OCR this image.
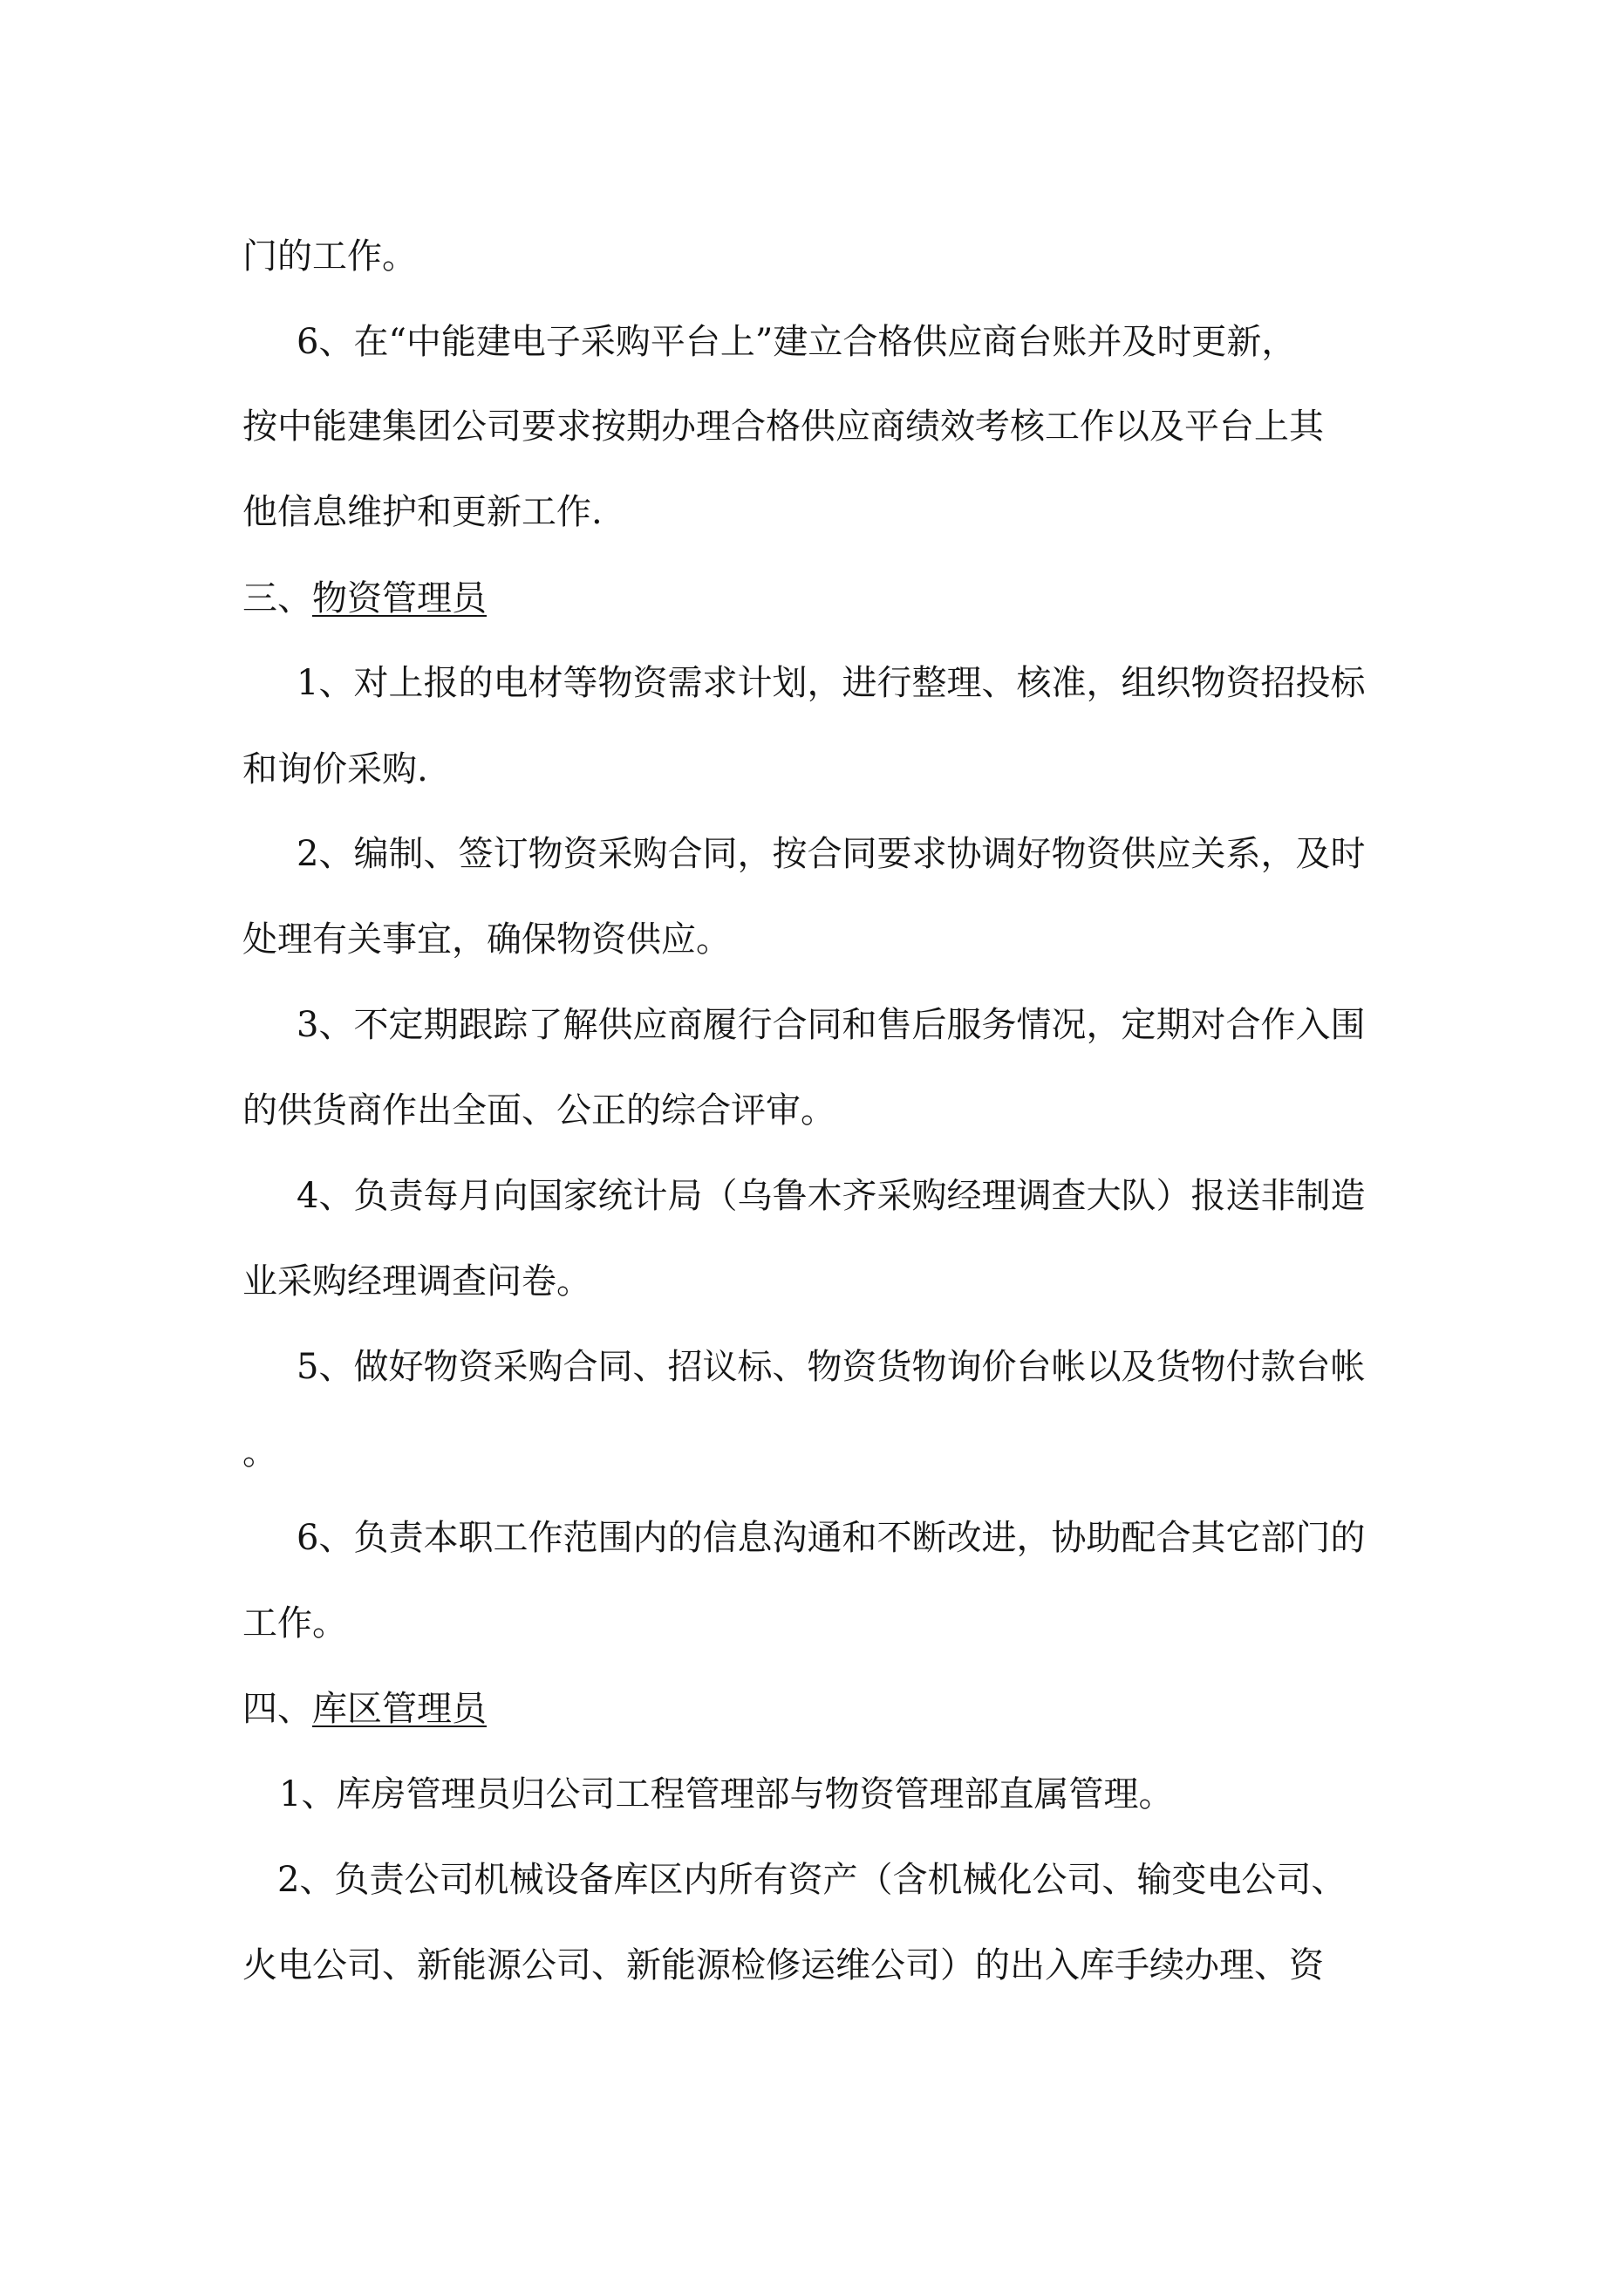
门的工作。
6、在“中能建电子采购平台上”建立合格供应商台账并及时更新，
按中能建集团公司要求按期办理合格供应商绩效考核工作以及平台上其
他信息维护和更新工作.
三、物资管理员
1、对上报的电材等物资需求计划，进行整理、核准，组织物资招投标
和询价采购.
2、编制、签订物资采购合同，按合同要求协调好物资供应关系，及时
处理有关事宜，确保物资供应。
3、不定期跟踪了解供应商履行合同和售后服务情况，定期对合作入围
的供货商作出全面、公正的综合评审。
4、负责每月向国家统计局（乌鲁木齐采购经理调查大队）报送非制造
业采购经理调查问卷。
5、做好物资采购合同、招议标、物资货物询价台帐以及货物付款台帐
。
6、负责本职工作范围内的信息沟通和不断改进，协助配合其它部门的
工作。
四、库区管理员
1、库房管理员归公司工程管理部与物资管理部直属管理。
2、负责公司机械设备库区内所有资产（含机械化公司、输变电公司、
火电公司、新能源公司、新能源检修运维公司）的出入库手续办理、资
